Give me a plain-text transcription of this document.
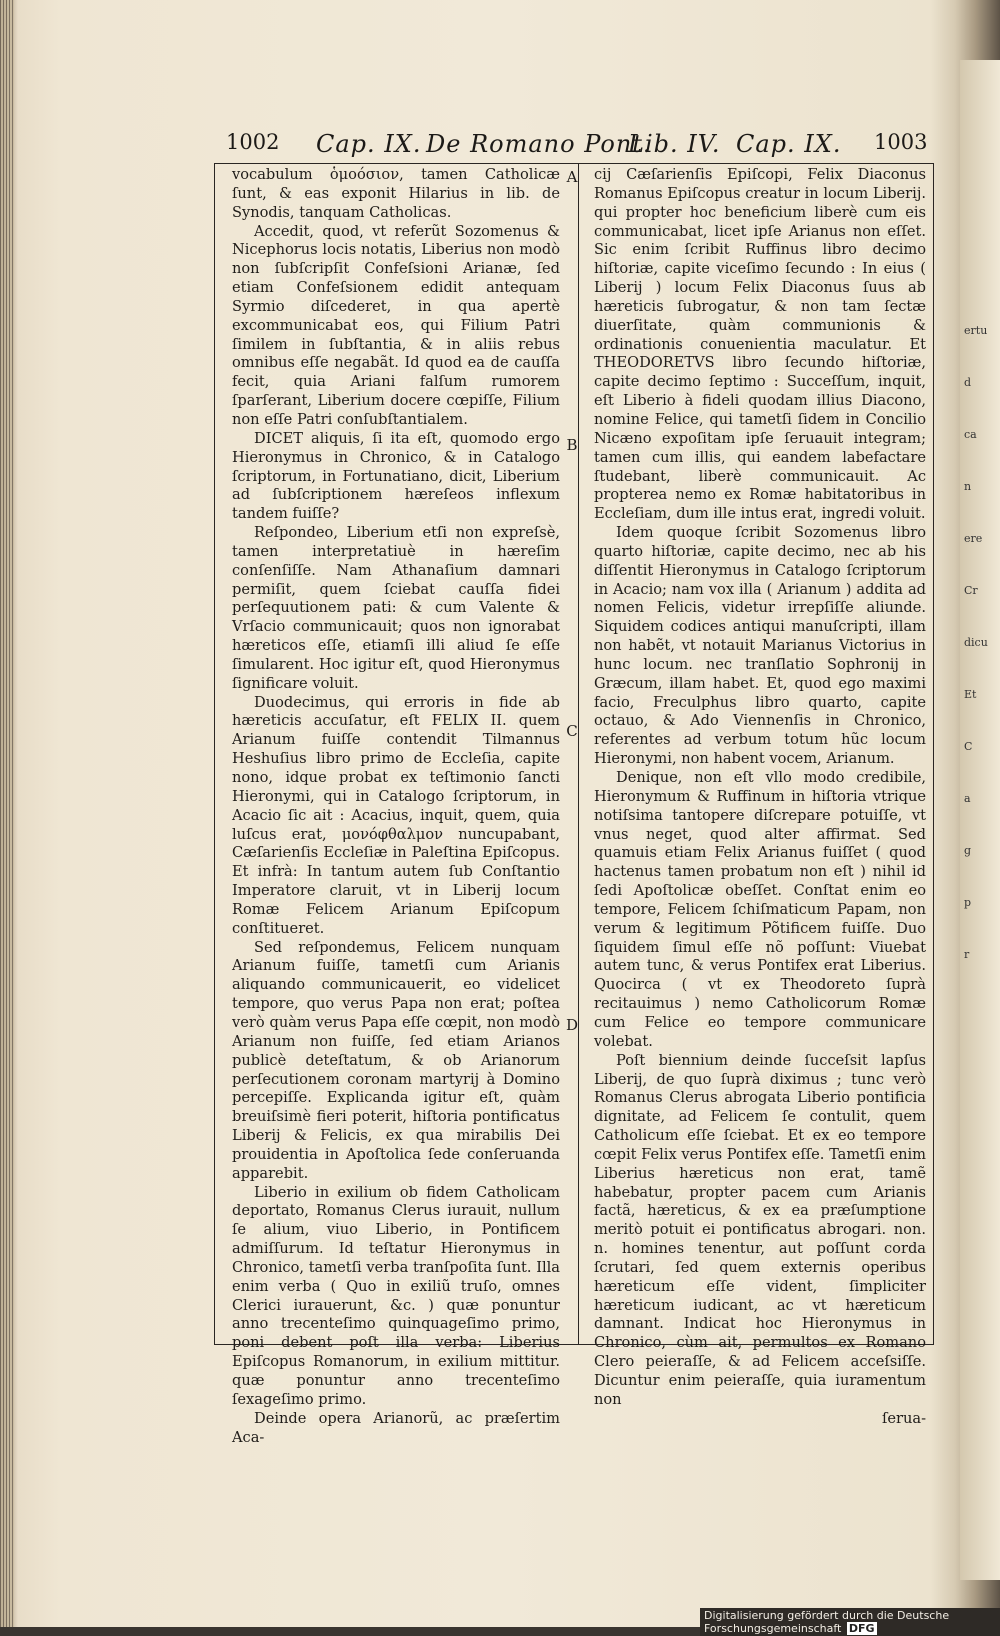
ertu
d
ca
n
ere
Cr
dicu
Et
C
a
g
p
r
1002 Cap. IX. De Romano Pont.
Lib. IV. Cap. IX. 1003
A
B
C
D

vocabulum ὁμοόσιον, tamen Catholicæ ſunt, & eas exponit Hilarius in lib. de Synodis, tanquam Catholicas.

Accedit, quod, vt referũt Sozomenus & Nicephorus locis notatis, Liberius non modò non ſubſcripſit Confeſsioni Arianæ, ſed etiam Confeſsionem edidit antequam Syrmio diſcederet, in qua apertè excommunicabat eos, qui Filium Patri ſimilem in ſubſtantia, & in aliis rebus omnibus eſſe negabãt. Id quod ea de cauſſa fecit, quia Ariani falſum rumorem ſparſerant, Liberium docere cœpiſſe, Filium non eſſe Patri conſubſtantialem.

DICET aliquis, ſi ita eſt, quomodo ergo Hieronymus in Chronico, & in Catalogo ſcriptorum, in Fortunatiano, dicit, Liberium ad ſubſcriptionem hæreſeos inflexum tandem fuiſſe?

Reſpondeo, Liberium etſi non expreſsè, tamen interpretatiuè in hæreſim conſenſiſſe. Nam Athanaſium damnari permiſit, quem ſciebat cauſſa fidei perſequutionem pati: & cum Valente & Vrſacio communicauit; quos non ignorabat hæreticos eſſe, etiamſi illi aliud ſe eſſe ſimularent. Hoc igitur eſt, quod Hieronymus ſignificare voluit.

Duodecimus, qui erroris in fide ab hæreticis accuſatur, eſt FELIX II. quem Arianum fuiſſe contendit Tilmannus Heshuſius libro primo de Eccleſia, capite nono, idque probat ex teſtimonio ſancti Hieronymi, qui in Catalogo ſcriptorum, in Acacio ſic ait : Acacius, inquit, quem, quia luſcus erat, μονόφθαλμον nuncupabant, Cæſarienſis Eccleſiæ in Paleſtina Epiſcopus. Et infrà: In tantum autem ſub Conſtantio Imperatore claruit, vt in Liberij locum Romæ Felicem Arianum Epiſcopum conſtitueret.

Sed reſpondemus, Felicem nunquam Arianum fuiſſe, tametſi cum Arianis aliquando communicauerit, eo videlicet tempore, quo verus Papa non erat; poſtea verò quàm verus Papa eſſe cœpit, non modò Arianum non fuiſſe, ſed etiam Arianos publicè deteſtatum, & ob Arianorum perſecutionem coronam martyrij à Domino percepiſſe. Explicanda igitur eſt, quàm breuiſsimè fieri poterit, hiſtoria pontificatus Liberij & Felicis, ex qua mirabilis Dei prouidentia in Apoſtolica ſede conſeruanda apparebit.

Liberio in exilium ob fidem Catholicam deportato, Romanus Clerus iurauit, nullum ſe alium, viuo Liberio, in Pontificem admiſſurum. Id teſtatur Hieronymus in Chronico, tametſi verba tranſpoſita ſunt. Illa enim verba ( Quo in exiliũ truſo, omnes Clerici iurauerunt, &c. ) quæ ponuntur anno trecenteſimo quinquageſimo primo, poni debent poſt illa verba: Liberius Epiſcopus Romanorum, in exilium mittitur. quæ ponuntur anno trecenteſimo ſexageſimo primo.

Deinde opera Arianorũ, ac præſertim Aca-

cij Cæſarienſis Epiſcopi, Felix Diaconus Romanus Epiſcopus creatur in locum Liberij. qui propter hoc beneficium liberè cum eis communicabat, licet ipſe Arianus non eſſet. Sic enim ſcribit Ruffinus libro decimo hiſtoriæ, capite viceſimo ſecundo : In eius ( Liberij ) locum Felix Diaconus ſuus ab hæreticis ſubrogatur, & non tam ſectæ diuerſitate, quàm communionis & ordinationis conuenientia maculatur. Et THEODORETVS libro ſecundo hiſtoriæ, capite decimo ſeptimo : Succeſſum, inquit, eſt Liberio à fideli quodam illius Diacono, nomine Felice, qui tametſi ſidem in Concilio Nicæno expoſitam ipſe ſeruauit integram; tamen cum illis, qui eandem labefactare ſtudebant, liberè communicauit. Ac propterea nemo ex Romæ habitatoribus in Eccleſiam, dum ille intus erat, ingredi voluit.

Idem quoque ſcribit Sozomenus libro quarto hiſtoriæ, capite decimo, nec ab his diſſentit Hieronymus in Catalogo ſcriptorum in Acacio; nam vox illa ( Arianum ) addita ad nomen Felicis, videtur irrepſiſſe aliunde. Siquidem codices antiqui manuſcripti, illam non habẽt, vt notauit Marianus Victorius in hunc locum. nec tranſlatio Sophronij in Græcum, illam habet. Et, quod ego maximi facio, Freculphus libro quarto, capite octauo, & Ado Viennenſis in Chronico, referentes ad verbum totum hũc locum Hieronymi, non habent vocem, Arianum.

Denique, non eſt vllo modo credibile, Hieronymum & Ruffinum in hiſtoria vtrique notiſsima tantopere diſcrepare potuiſſe, vt vnus neget, quod alter affirmat. Sed quamuis etiam Felix Arianus fuiſſet ( quod hactenus tamen probatum non eſt ) nihil id ſedi Apoſtolicæ obeſſet. Conſtat enim eo tempore, Felicem ſchiſmaticum Papam, non verum & legitimum Põtificem fuiſſe. Duo ſiquidem ſimul eſſe nõ poſſunt: Viuebat autem tunc, & verus Pontifex erat Liberius. Quocirca ( vt ex Theodoreto ſuprà recitauimus ) nemo Catholicorum Romæ cum Felice eo tempore communicare volebat.

Poſt biennium deinde ſucceſsit lapſus Liberij, de quo ſuprà diximus ; tunc verò Romanus Clerus abrogata Liberio pontificia dignitate, ad Felicem ſe contulit, quem Catholicum eſſe ſciebat. Et ex eo tempore cœpit Felix verus Pontifex eſſe. Tametſi enim Liberius hæreticus non erat, tamẽ habebatur, propter pacem cum Arianis factã, hæreticus, & ex ea præſumptione meritò potuit ei pontificatus abrogari. non. n. homines tenentur, aut poſſunt corda ſcrutari, ſed quem externis operibus hæreticum eſſe vident, ſimpliciter hæreticum iudicant, ac vt hæreticum damnant. Indicat hoc Hieronymus in Chronico, cùm ait, permultos ex Romano Clero peieraſſe, & ad Felicem acceſsiſſe. Dicuntur enim peieraſſe, quia iuramentum non

ſerua-

Digitalisierung gefördert durch die Deutsche Forschungsgemeinschaft DFG
